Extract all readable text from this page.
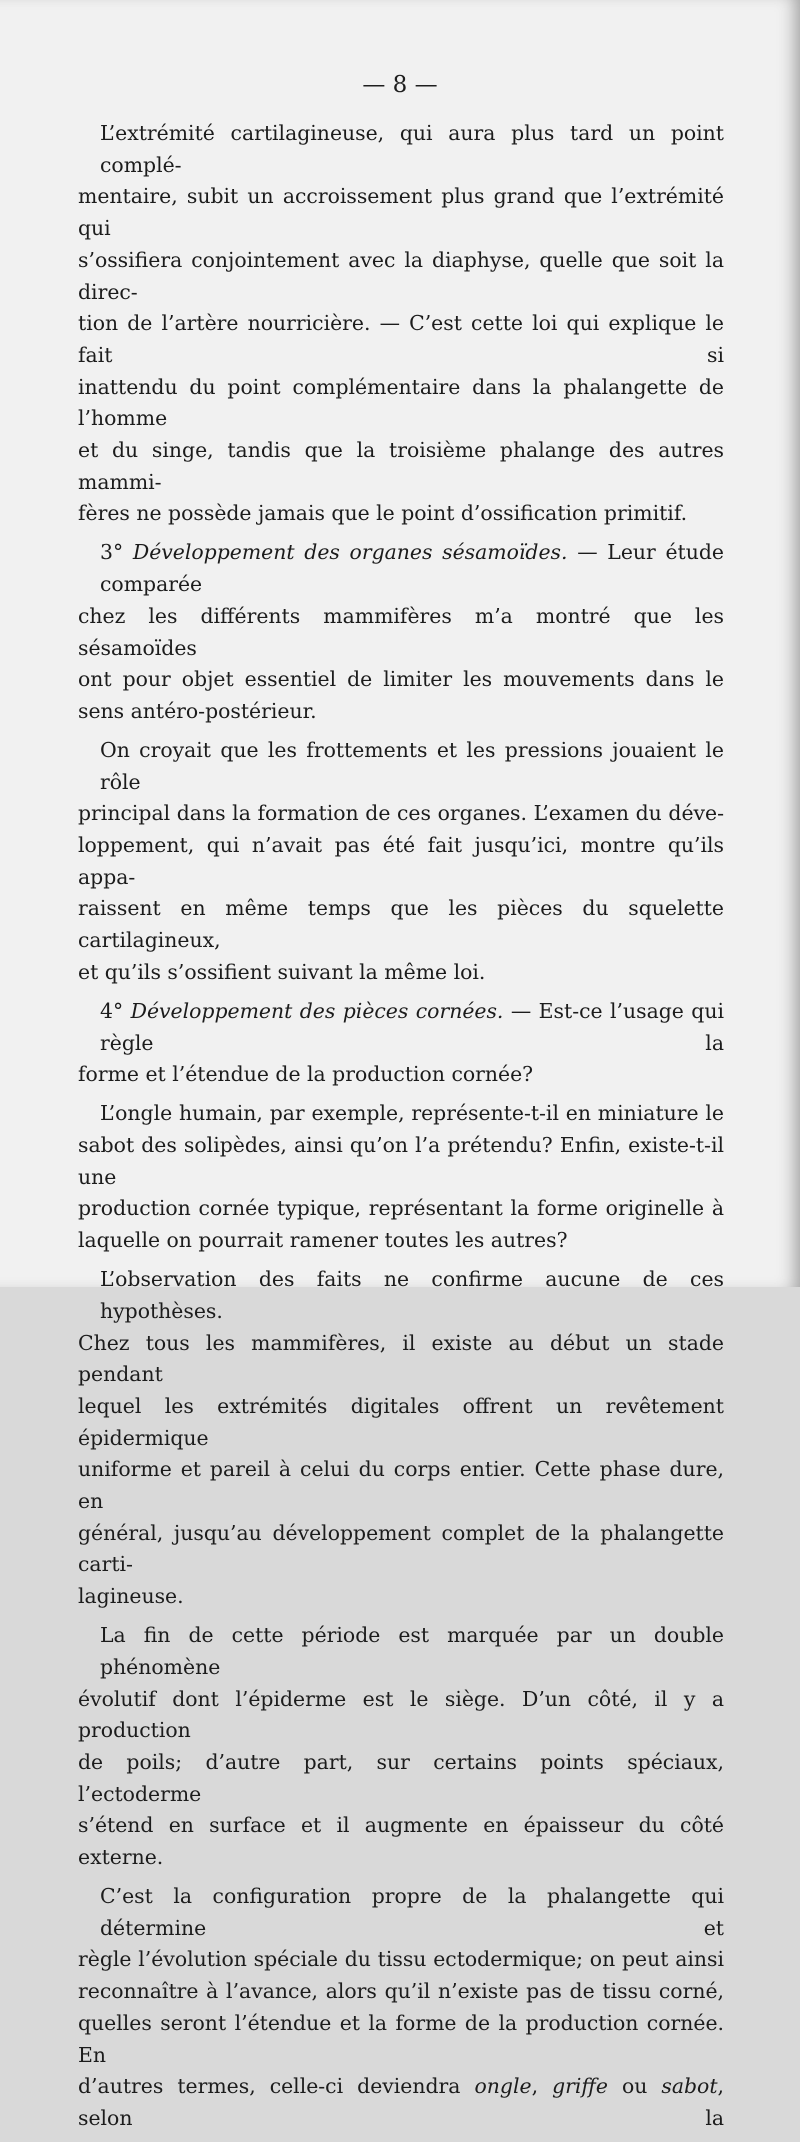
— 8 —
L’extrémité cartilagineuse, qui aura plus tard un point complé-
mentaire, subit un accroissement plus grand que l’extrémité qui
s’ossifiera conjointement avec la diaphyse, quelle que soit la direc-
tion de l’artère nourricière. — C’est cette loi qui explique le fait si
inattendu du point complémentaire dans la phalangette de l’homme
et du singe, tandis que la troisième phalange des autres mammi-
fères ne possède jamais que le point d’ossification primitif.
3° Développement des organes sésamoïdes. — Leur étude comparée
chez les différents mammifères m’a montré que les sésamoïdes
ont pour objet essentiel de limiter les mouvements dans le
sens antéro-postérieur.
On croyait que les frottements et les pressions jouaient le rôle
principal dans la formation de ces organes. L’examen du déve-
loppement, qui n’avait pas été fait jusqu’ici, montre qu’ils appa-
raissent en même temps que les pièces du squelette cartilagineux,
et qu’ils s’ossifient suivant la même loi.
4° Développement des pièces cornées. — Est-ce l’usage qui règle la
forme et l’étendue de la production cornée?
L’ongle humain, par exemple, représente-t-il en miniature le
sabot des solipèdes, ainsi qu’on l’a prétendu? Enfin, existe-t-il une
production cornée typique, représentant la forme originelle à
laquelle on pourrait ramener toutes les autres?
L’observation des faits ne confirme aucune de ces hypothèses.
Chez tous les mammifères, il existe au début un stade pendant
lequel les extrémités digitales offrent un revêtement épidermique
uniforme et pareil à celui du corps entier. Cette phase dure, en
général, jusqu’au développement complet de la phalangette carti-
lagineuse.
La fin de cette période est marquée par un double phénomène
évolutif dont l’épiderme est le siège. D’un côté, il y a production
de poils; d’autre part, sur certains points spéciaux, l’ectoderme
s’étend en surface et il augmente en épaisseur du côté externe.
C’est la configuration propre de la phalangette qui détermine et
règle l’évolution spéciale du tissu ectodermique; on peut ainsi
reconnaître à l’avance, alors qu’il n’existe pas de tissu corné,
quelles seront l’étendue et la forme de la production cornée. En
d’autres termes, celle-ci deviendra ongle, griffe ou sabot, selon la
